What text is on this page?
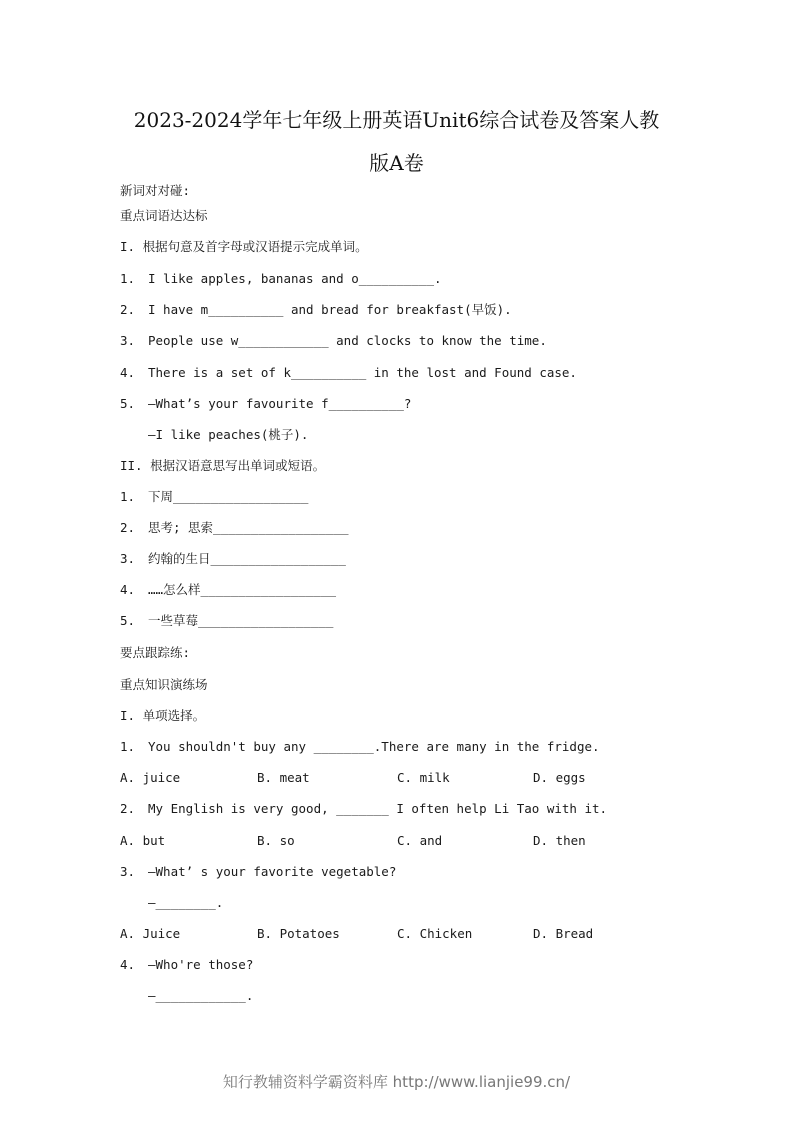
2023-2024学年七年级上册英语Unit6综合试卷及答案人教
版A卷
新词对对碰:
重点词语达达标
I. 根据句意及首字母或汉语提示完成单词。
1. I like apples, bananas and o__________.
2. I have m__________ and bread for breakfast(早饭).
3. People use w____________ and clocks to know the time.
4. There is a set of k__________ in the lost and Found case.
5. —What’s your favourite f__________?
—I like peaches(桃子).
II. 根据汉语意思写出单词或短语。
1. 下周__________________
2. 思考; 思索__________________
3. 约翰的生日__________________
4. ……怎么样__________________
5. 一些草莓__________________
要点跟踪练:
重点知识演练场
I. 单项选择。
1. You shouldn't buy any ________.There are many in the fridge.
A. juice	B. meat	C. milk	D. eggs
2. My English is very good, _______ I often help Li Tao with it.
A. but	B. so	C. and	D. then
3. —What’ s your favorite vegetable?
—________.
A. Juice	B. Potatoes	C. Chicken	D. Bread
4. —Who're those?
—____________.
知行教辅资料学霸资料库 http://www.lianjie99.cn/
